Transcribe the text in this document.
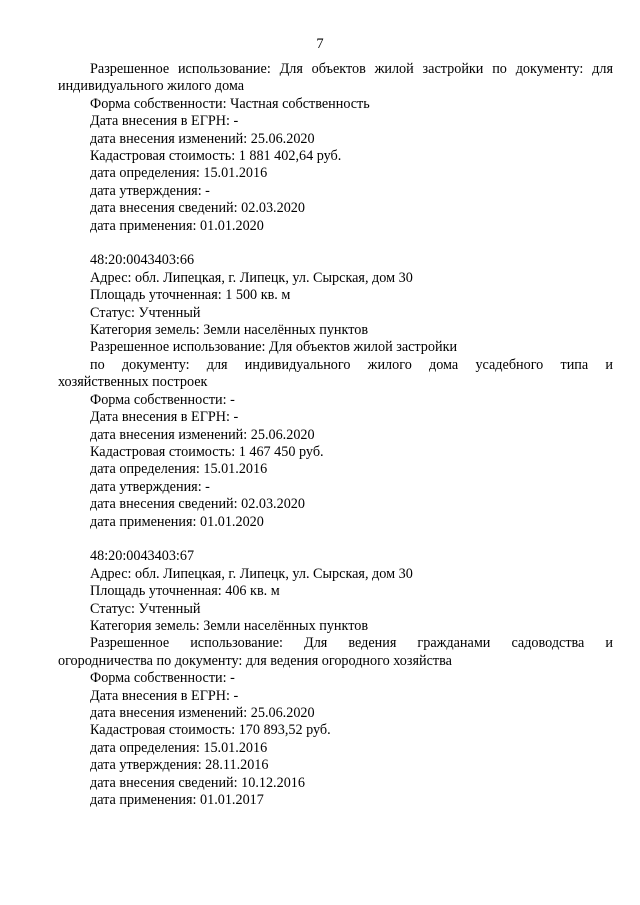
7
Разрешенное использование: Для объектов жилой застройки по документу: для
индивидуального жилого дома
Форма собственности: Частная собственность
Дата внесения в ЕГРН: -
дата внесения изменений: 25.06.2020
Кадастровая стоимость: 1 881 402,64 руб.
дата определения: 15.01.2016
дата утверждения: -
дата внесения сведений: 02.03.2020
дата применения: 01.01.2020
48:20:0043403:66
Адрес: обл. Липецкая, г. Липецк, ул. Сырская, дом 30
Площадь уточненная: 1 500 кв. м
Статус: Учтенный
Категория земель: Земли населённых пунктов
Разрешенное использование: Для объектов жилой застройки
по документу: для индивидуального жилого дома усадебного типа и
хозяйственных построек
Форма собственности: -
Дата внесения в ЕГРН: -
дата внесения изменений: 25.06.2020
Кадастровая стоимость: 1 467 450 руб.
дата определения: 15.01.2016
дата утверждения: -
дата внесения сведений: 02.03.2020
дата применения: 01.01.2020
48:20:0043403:67
Адрес: обл. Липецкая, г. Липецк, ул. Сырская, дом 30
Площадь уточненная: 406 кв. м
Статус: Учтенный
Категория земель: Земли населённых пунктов
Разрешенное использование: Для ведения гражданами садоводства и
огородничества по документу: для ведения огородного хозяйства
Форма собственности: -
Дата внесения в ЕГРН: -
дата внесения изменений: 25.06.2020
Кадастровая стоимость: 170 893,52 руб.
дата определения: 15.01.2016
дата утверждения: 28.11.2016
дата внесения сведений: 10.12.2016
дата применения: 01.01.2017
